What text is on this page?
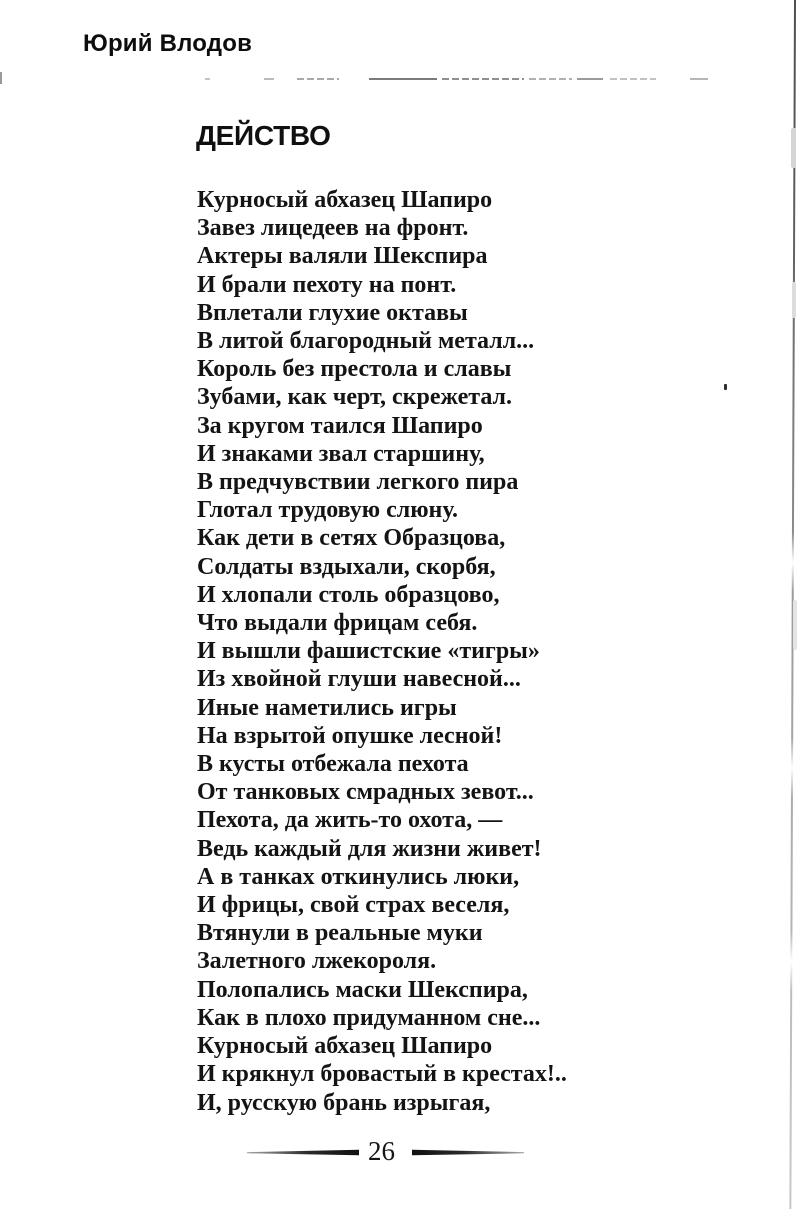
Юрий Влодов
ДЕЙСТВО
Курносый абхазец Шапиро
Завез лицедеев на фронт.
Актеры валяли Шекспира
И брали пехоту на понт.
Вплетали глухие октавы
В литой благородный металл...
Король без престола и славы
Зубами, как черт, скрежетал.
За кругом таился Шапиро
И знаками звал старшину,
В предчувствии легкого пира
Глотал трудовую слюну.
Как дети в сетях Образцова,
Солдаты вздыхали, скорбя,
И хлопали столь образцово,
Что выдали фрицам себя.
И вышли фашистские «тигры»
Из хвойной глуши навесной...
Иные наметились игры
На взрытой опушке лесной!
В кусты отбежала пехота
От танковых смрадных зевот...
Пехота, да жить-то охота, —
Ведь каждый для жизни живет!
А в танках откинулись люки,
И фрицы, свой страх веселя,
Втянули в реальные муки
Залетного лжекороля.
Полопались маски Шекспира,
Как в плохо придуманном сне...
Курносый абхазец Шапиро
И крякнул бровастый в крестах!..
И, русскую брань изрыгая,
26
